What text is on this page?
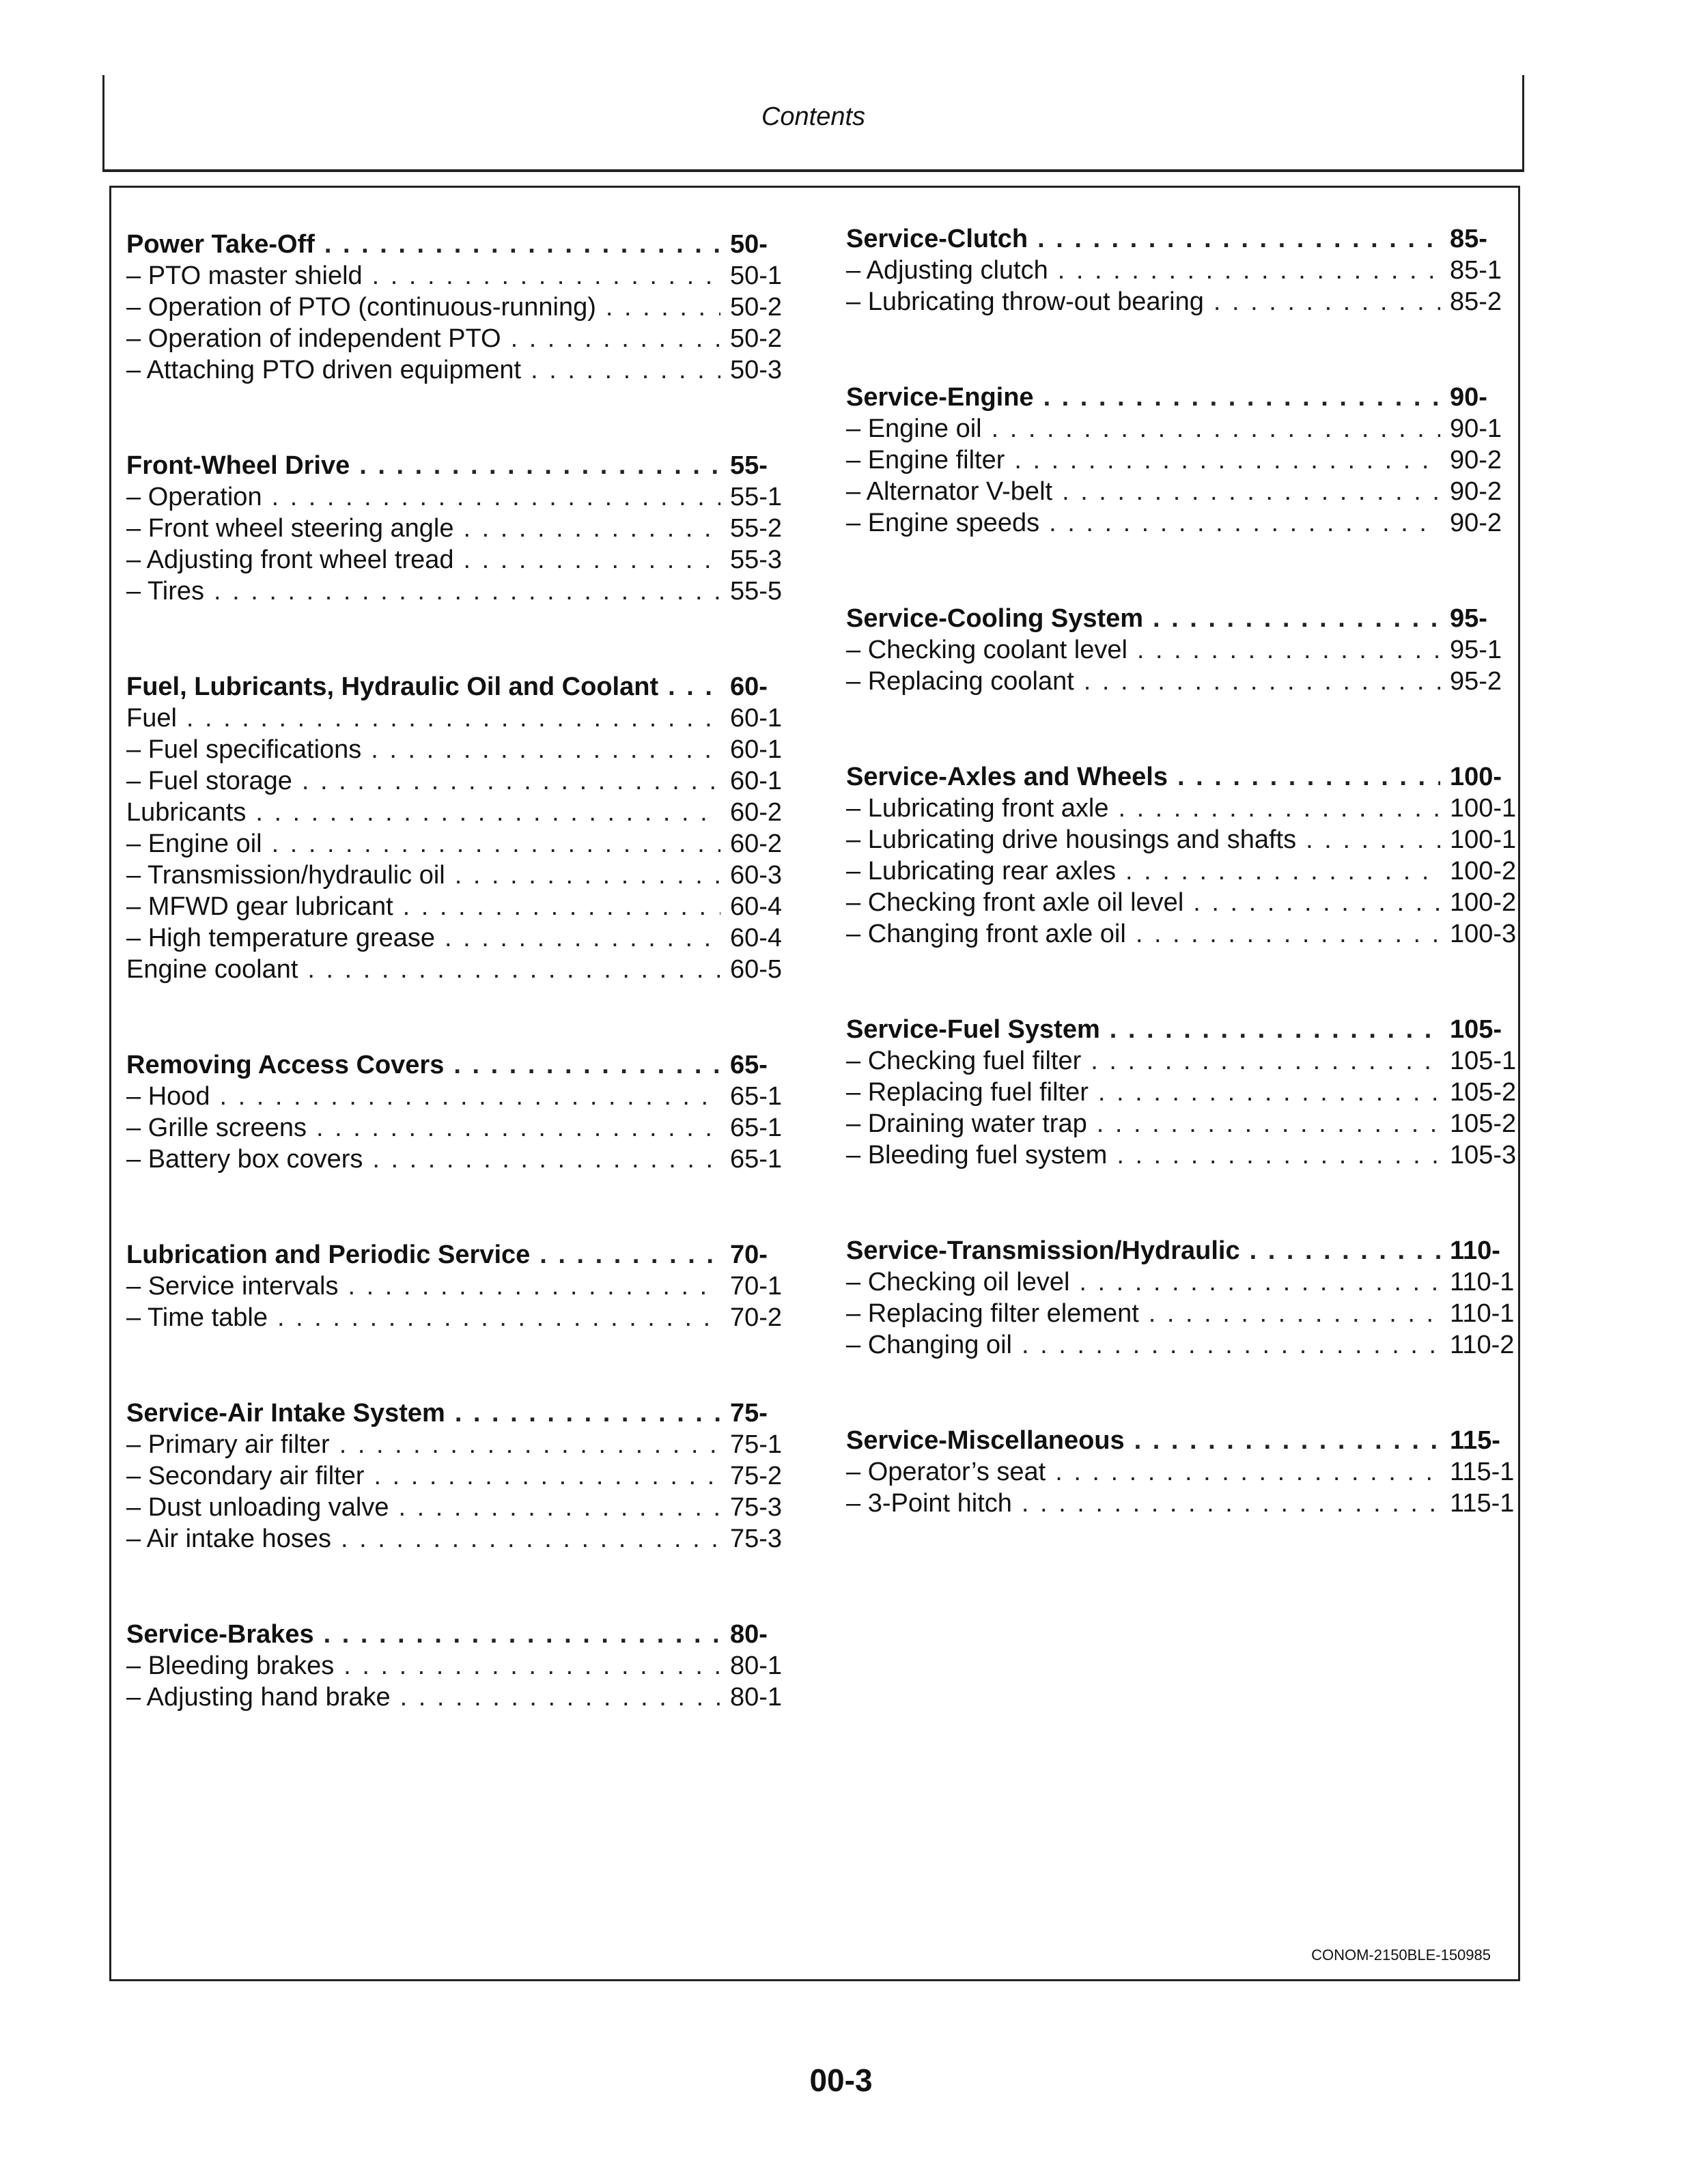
Contents
Power Take-Off . . .	50-
– PTO master shield . . .	50-1
– Operation of PTO (continuous-running) . . .	50-2
– Operation of independent PTO . . .	50-2
– Attaching PTO driven equipment . . .	50-3
Front-Wheel Drive . . .	55-
– Operation . . .	55-1
– Front wheel steering angle . . .	55-2
– Adjusting front wheel tread . . .	55-3
– Tires . . .	55-5
Fuel, Lubricants, Hydraulic Oil and Coolant . . .	60-
Fuel . . .	60-1
– Fuel specifications . . .	60-1
– Fuel storage . . .	60-1
Lubricants . . .	60-2
– Engine oil . . .	60-2
– Transmission/hydraulic oil . . .	60-3
– MFWD gear lubricant . . .	60-4
– High temperature grease . . .	60-4
Engine coolant . . .	60-5
Removing Access Covers . . .	65-
– Hood . . .	65-1
– Grille screens . . .	65-1
– Battery box covers . . .	65-1
Lubrication and Periodic Service . . .	70-
– Service intervals . . .	70-1
– Time table . . .	70-2
Service-Air Intake System . . .	75-
– Primary air filter . . .	75-1
– Secondary air filter . . .	75-2
– Dust unloading valve . . .	75-3
– Air intake hoses . . .	75-3
Service-Brakes . . .	80-
– Bleeding brakes . . .	80-1
– Adjusting hand brake . . .	80-1
Service-Clutch . . .	85-
– Adjusting clutch . . .	85-1
– Lubricating throw-out bearing . . .	85-2
Service-Engine . . .	90-
– Engine oil . . .	90-1
– Engine filter . . .	90-2
– Alternator V-belt . . .	90-2
– Engine speeds . . .	90-2
Service-Cooling System . . .	95-
– Checking coolant level . . .	95-1
– Replacing coolant . . .	95-2
Service-Axles and Wheels . . .	100-
– Lubricating front axle . . .	100-1
– Lubricating drive housings and shafts . . .	100-1
– Lubricating rear axles . . .	100-2
– Checking front axle oil level . . .	100-2
– Changing front axle oil . . .	100-3
Service-Fuel System . . .	105-
– Checking fuel filter . . .	105-1
– Replacing fuel filter . . .	105-2
– Draining water trap . . .	105-2
– Bleeding fuel system . . .	105-3
Service-Transmission/Hydraulic . . .	110-
– Checking oil level . . .	110-1
– Replacing filter element . . .	110-1
– Changing oil . . .	110-2
Service-Miscellaneous . . .	115-
– Operator’s seat . . .	115-1
– 3-Point hitch . . .	115-1
CONOM-2150BLE-150985
00-3
